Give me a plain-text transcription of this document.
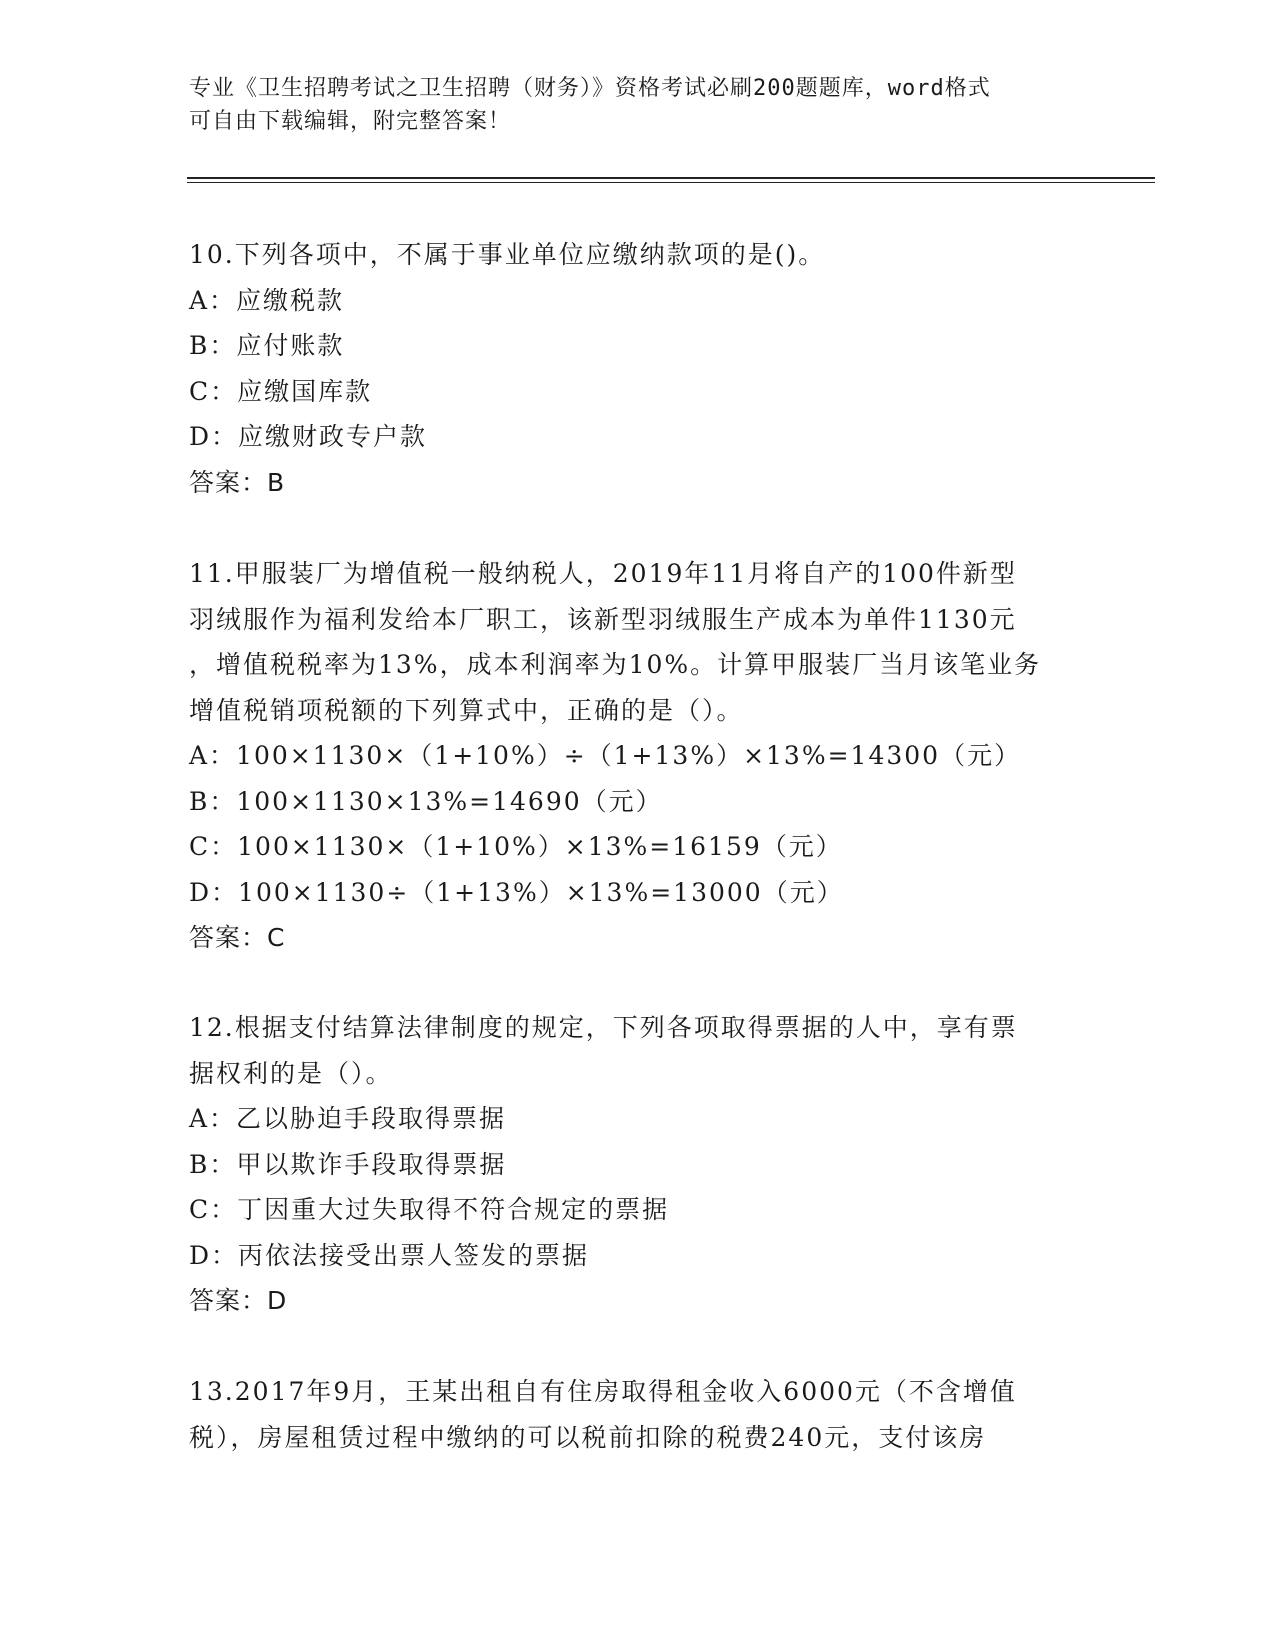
专业《卫生招聘考试之卫生招聘（财务）》资格考试必刷200题题库，word格式
可自由下载编辑，附完整答案！
10.下列各项中，不属于事业单位应缴纳款项的是()。
A：应缴税款
B：应付账款
C：应缴国库款
D：应缴财政专户款
答案：B
11.甲服装厂为增值税一般纳税人，2019年11月将自产的100件新型
羽绒服作为福利发给本厂职工，该新型羽绒服生产成本为单件1130元
，增值税税率为13%，成本利润率为10%。计算甲服装厂当月该笔业务
增值税销项税额的下列算式中，正确的是（）。
A：100×1130×（1+10%）÷（1+13%）×13%=14300（元）
B：100×1130×13%=14690（元）
C：100×1130×（1+10%）×13%=16159（元）
D：100×1130÷（1+13%）×13%=13000（元）
答案：C
12.根据支付结算法律制度的规定，下列各项取得票据的人中，享有票
据权利的是（）。
A：乙以胁迫手段取得票据
B：甲以欺诈手段取得票据
C：丁因重大过失取得不符合规定的票据
D：丙依法接受出票人签发的票据
答案：D
13.2017年9月，王某出租自有住房取得租金收入6000元（不含增值
税），房屋租赁过程中缴纳的可以税前扣除的税费240元，支付该房
